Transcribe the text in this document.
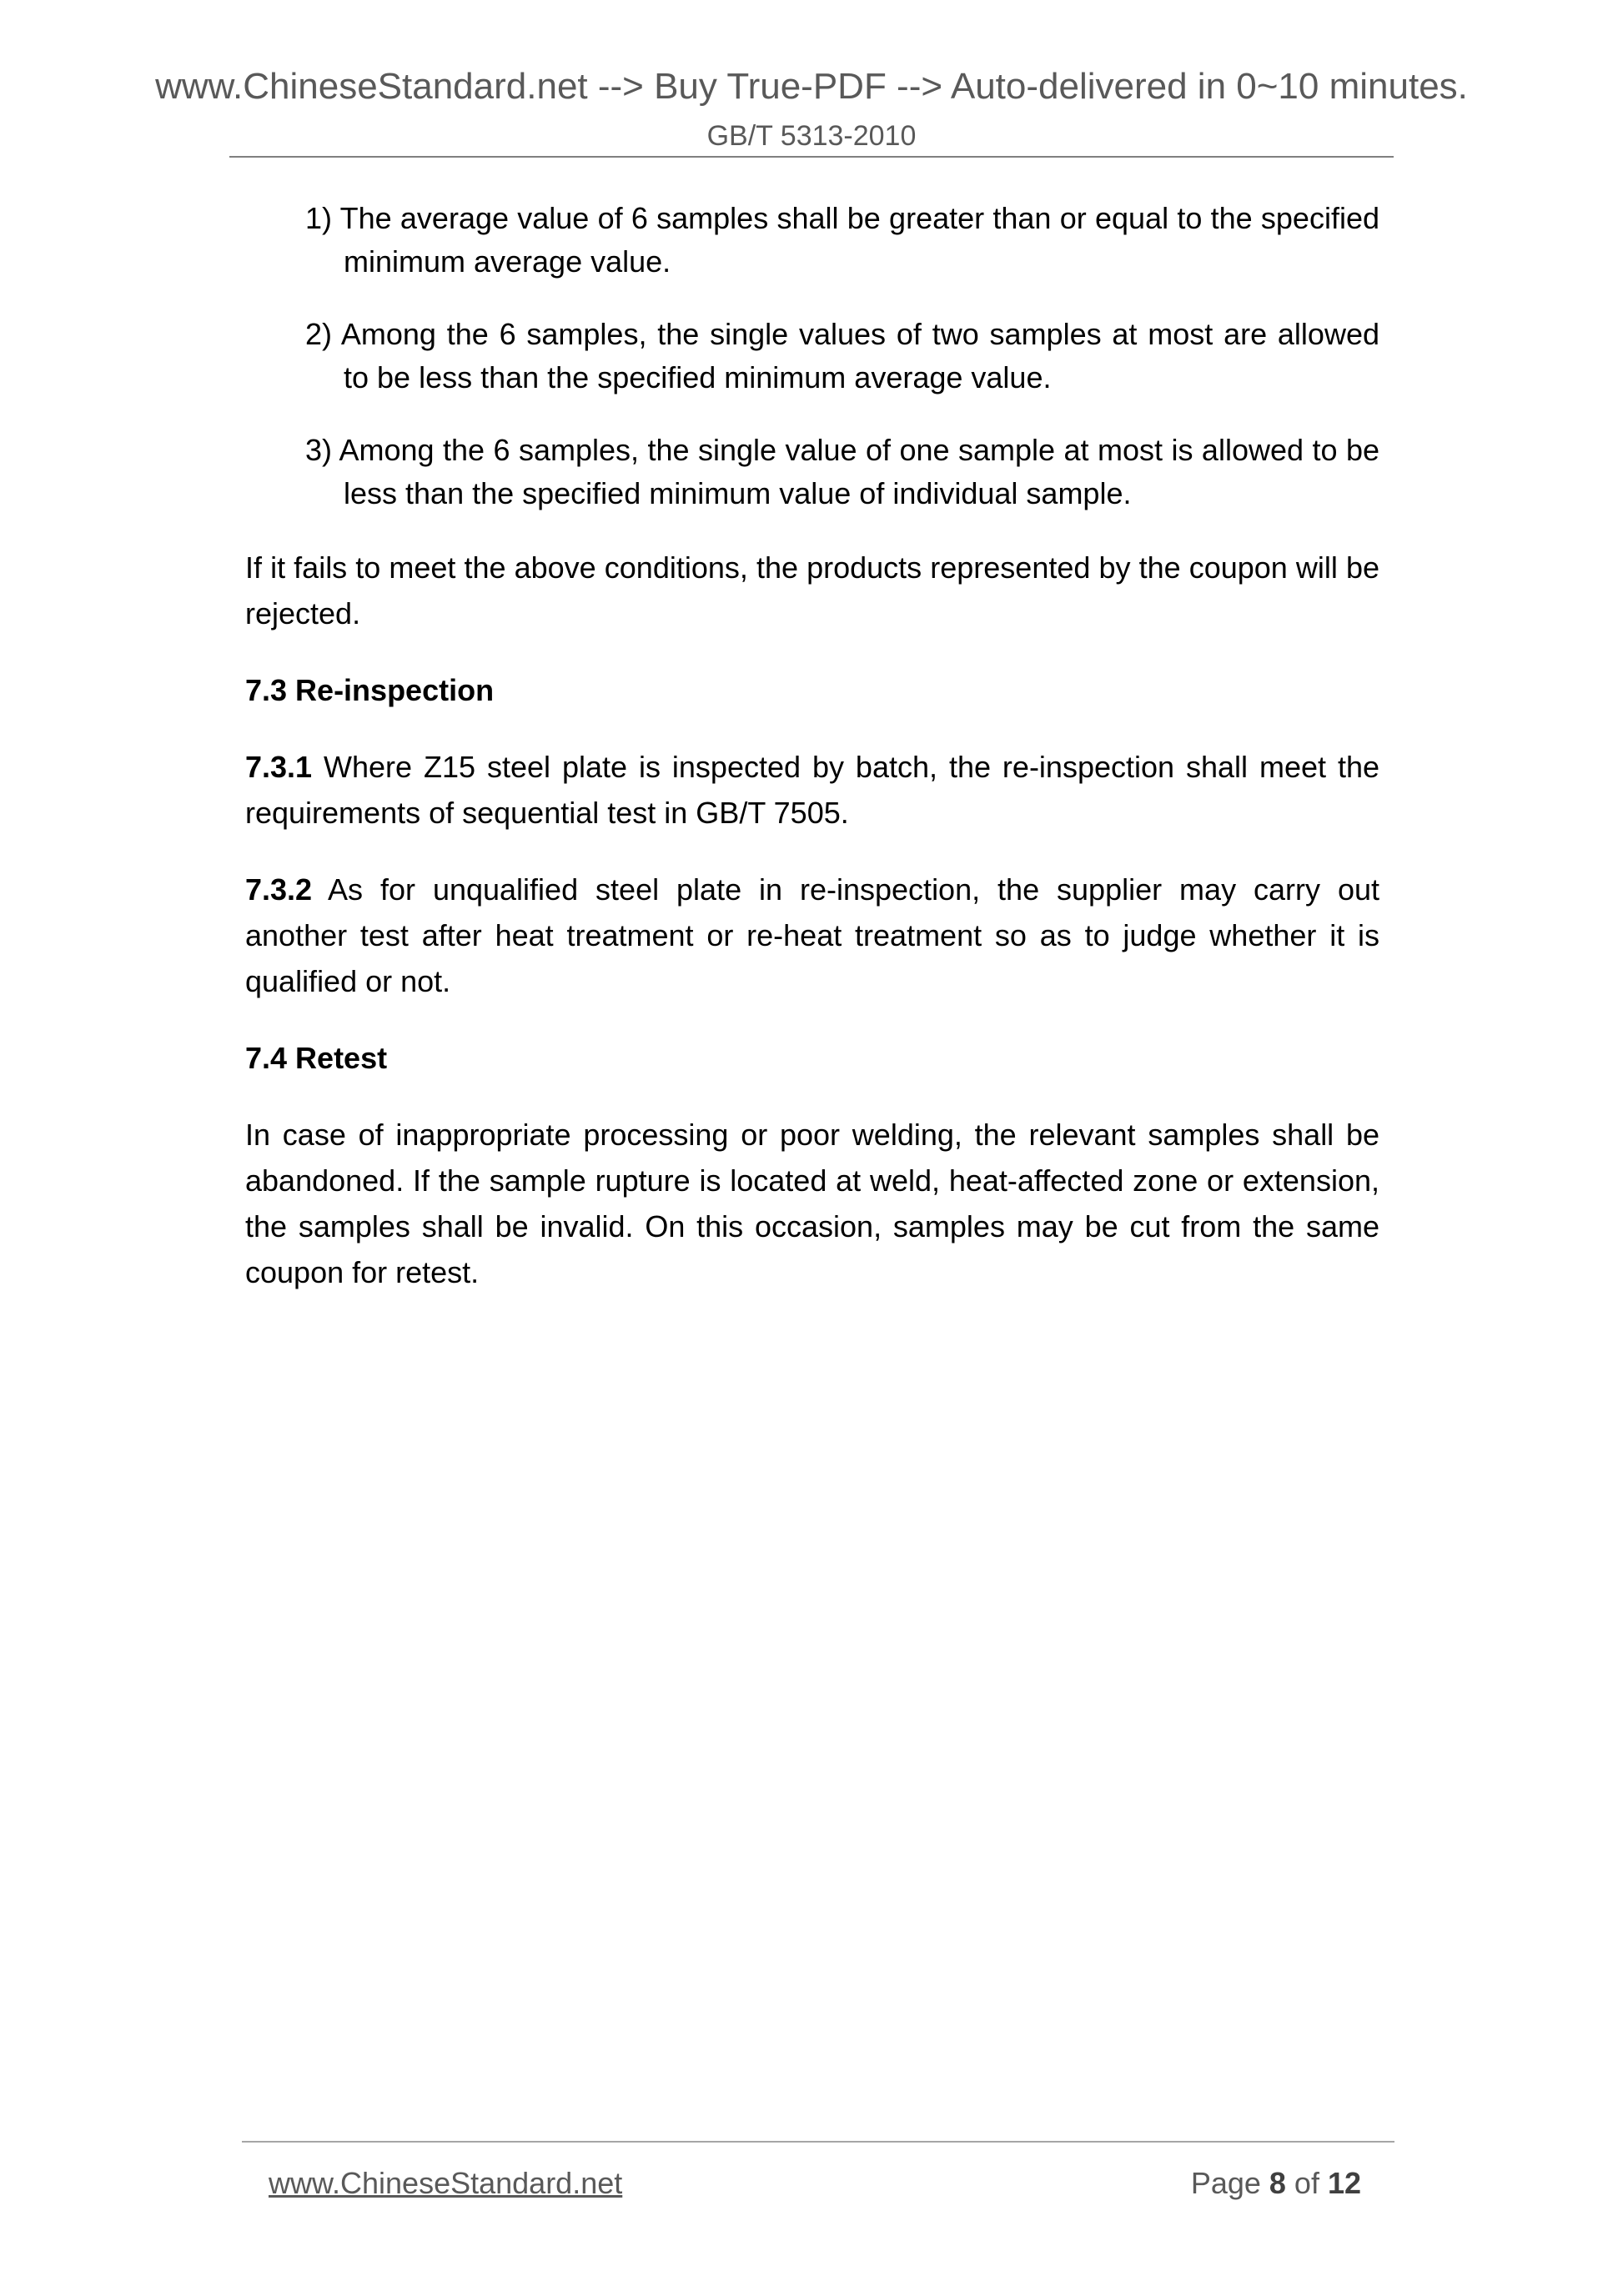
www.ChineseStandard.net --> Buy True-PDF --> Auto-delivered in 0~10 minutes.
GB/T 5313-2010

1) The average value of 6 samples shall be greater than or equal to the specified minimum average value.

2) Among the 6 samples, the single values of two samples at most are allowed to be less than the specified minimum average value.

3) Among the 6 samples, the single value of one sample at most is allowed to be less than the specified minimum value of individual sample.

If it fails to meet the above conditions, the products represented by the coupon will be rejected.

7.3 Re-inspection

7.3.1 Where Z15 steel plate is inspected by batch, the re-inspection shall meet the requirements of sequential test in GB/T 7505.

7.3.2 As for unqualified steel plate in re-inspection, the supplier may carry out another test after heat treatment or re-heat treatment so as to judge whether it is qualified or not.

7.4 Retest

In case of inappropriate processing or poor welding, the relevant samples shall be abandoned. If the sample rupture is located at weld, heat-affected zone or extension, the samples shall be invalid. On this occasion, samples may be cut from the same coupon for retest.

www.ChineseStandard.net	Page 8 of 12
